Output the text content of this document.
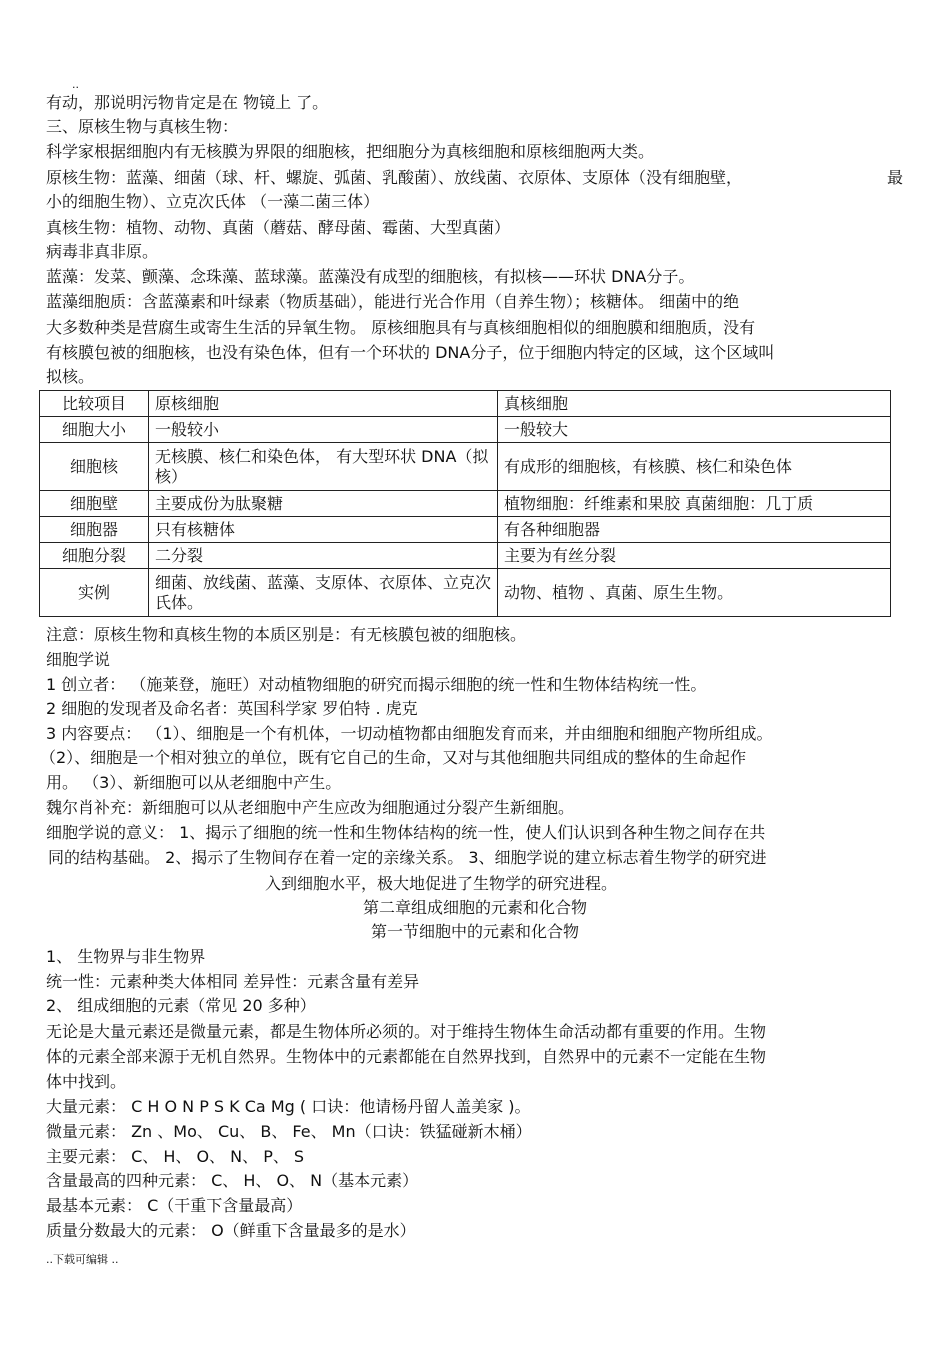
..
有动，那说明污物肯定是在 物镜上 了。
三、原核生物与真核生物：
科学家根据细胞内有无核膜为界限的细胞核，把细胞分为真核细胞和原核细胞两大类。
原核生物：蓝藻、细菌（球、杆、螺旋、弧菌、乳酸菌）、放线菌、衣原体、支原体（没有细胞壁，	最
小的细胞生物）、立克次氏体 （一藻二菌三体）
真核生物：植物、动物、真菌（蘑菇、酵母菌、霉菌、大型真菌）
病毒非真非原。
蓝藻：发菜、颤藻、念珠藻、蓝球藻。蓝藻没有成型的细胞核，有拟核——环状 DNA分子。
蓝藻细胞质：含蓝藻素和叶绿素（物质基础），能进行光合作用（自养生物）；核糖体。 细菌中的绝
大多数种类是营腐生或寄生生活的异氧生物。 原核细胞具有与真核细胞相似的细胞膜和细胞质，没有
有核膜包被的细胞核，也没有染色体，但有一个环状的 DNA分子，位于细胞内特定的区域，这个区域叫
拟核。
比较项目	原核细胞	真核细胞
细胞大小	一般较小	一般较大
细胞核	无核膜、核仁和染色体， 有大型环状 DNA（拟核）	有成形的细胞核，有核膜、核仁和染色体
细胞壁	主要成份为肽聚糖	植物细胞：纤维素和果胶 真菌细胞：几丁质
细胞器	只有核糖体	有各种细胞器
细胞分裂	二分裂	主要为有丝分裂
实例	细菌、放线菌、蓝藻、支原体、衣原体、立克次氏体。	动物、植物 、真菌、原生生物。
注意：原核生物和真核生物的本质区别是：有无核膜包被的细胞核。
细胞学说
1 创立者： （施莱登，施旺）对动植物细胞的研究而揭示细胞的统一性和生物体结构统一性。
2 细胞的发现者及命名者：英国科学家 罗伯特 . 虎克
3 内容要点： （1）、细胞是一个有机体，一切动植物都由细胞发育而来，并由细胞和细胞产物所组成。
（2）、细胞是一个相对独立的单位，既有它自己的生命，又对与其他细胞共同组成的整体的生命起作
用。 （3）、新细胞可以从老细胞中产生。
魏尔肖补充：新细胞可以从老细胞中产生应改为细胞通过分裂产生新细胞。
细胞学说的意义： 1、揭示了细胞的统一性和生物体结构的统一性，使人们认识到各种生物之间存在共
同的结构基础。 2、揭示了生物间存在着一定的亲缘关系。 3、细胞学说的建立标志着生物学的研究进
入到细胞水平，极大地促进了生物学的研究进程。
第二章组成细胞的元素和化合物
第一节细胞中的元素和化合物
1、 生物界与非生物界
统一性：元素种类大体相同 差异性：元素含量有差异
2、 组成细胞的元素（常见 20 多种）
无论是大量元素还是微量元素，都是生物体所必须的。对于维持生物体生命活动都有重要的作用。生物
体的元素全部来源于无机自然界。生物体中的元素都能在自然界找到，自然界中的元素不一定能在生物
体中找到。
大量元素： C H O N P S K Ca Mg ( 口诀：他请杨丹留人盖美家 )。
微量元素： Zn 、Mo、 Cu、 B、 Fe、 Mn（口诀：铁猛碰新木桶）
主要元素： C、 H、 O、 N、 P、 S
含量最高的四种元素： C、 H、 O、 N（基本元素）
最基本元素： C（干重下含量最高）
质量分数最大的元素： O（鲜重下含量最多的是水）
..下载可编辑 ..
